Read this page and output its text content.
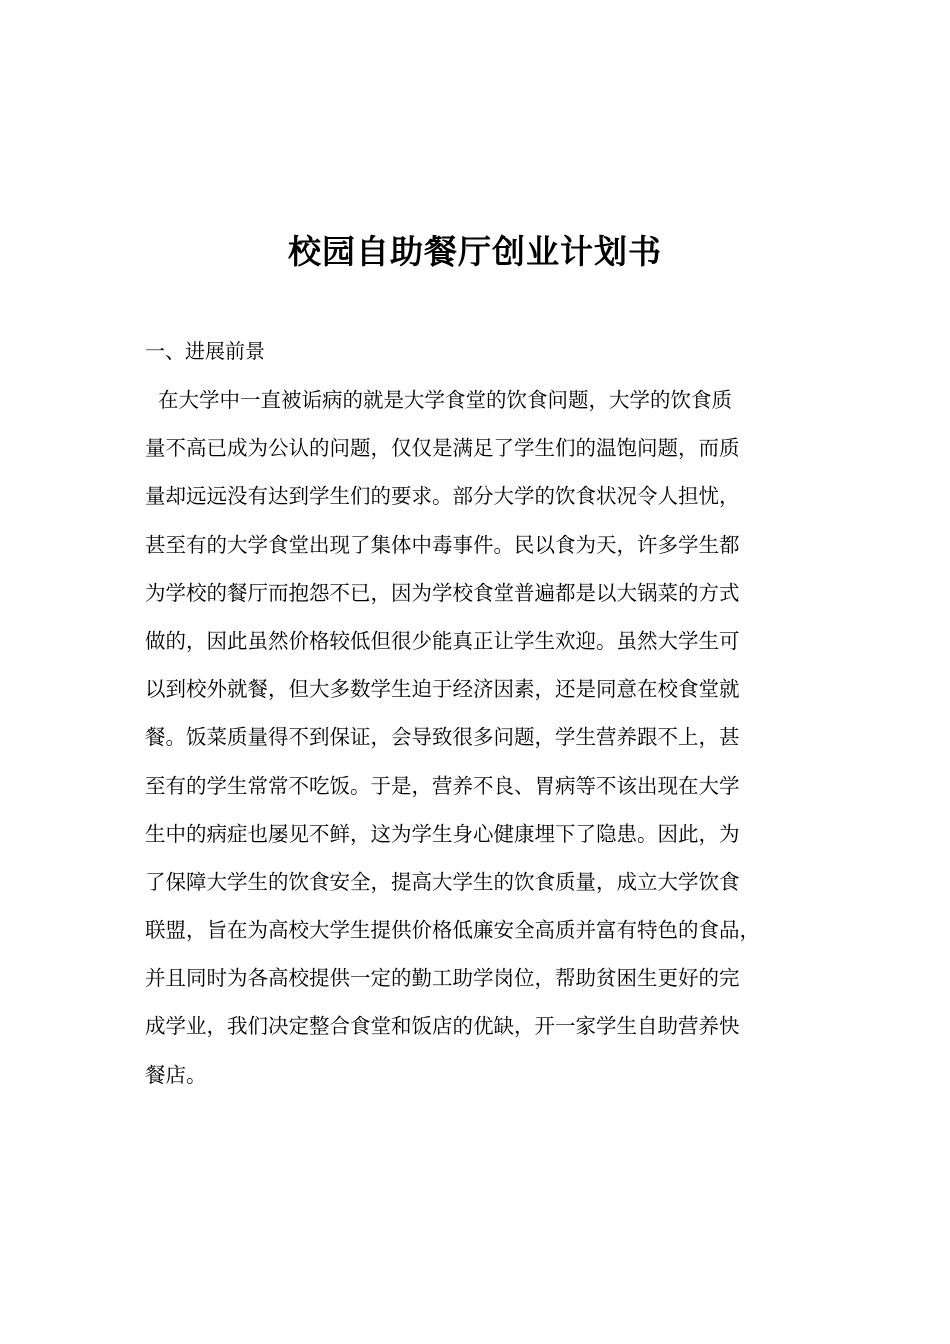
校园自助餐厅创业计划书

一、进展前景

在大学中一直被诟病的就是大学食堂的饮食问题，大学的饮食质
量不高已成为公认的问题，仅仅是满足了学生们的温饱问题，而质
量却远远没有达到学生们的要求。部分大学的饮食状况令人担忧，
甚至有的大学食堂出现了集体中毒事件。民以食为天，许多学生都
为学校的餐厅而抱怨不已，因为学校食堂普遍都是以大锅菜的方式
做的，因此虽然价格较低但很少能真正让学生欢迎。虽然大学生可
以到校外就餐，但大多数学生迫于经济因素，还是同意在校食堂就
餐。饭菜质量得不到保证，会导致很多问题，学生营养跟不上，甚
至有的学生常常不吃饭。于是，营养不良、胃病等不该出现在大学
生中的病症也屡见不鲜，这为学生身心健康埋下了隐患。因此，为
了保障大学生的饮食安全，提高大学生的饮食质量，成立大学饮食
联盟，旨在为高校大学生提供价格低廉安全高质并富有特色的食品，
并且同时为各高校提供一定的勤工助学岗位，帮助贫困生更好的完
成学业，我们决定整合食堂和饭店的优缺，开一家学生自助营养快
餐店。
